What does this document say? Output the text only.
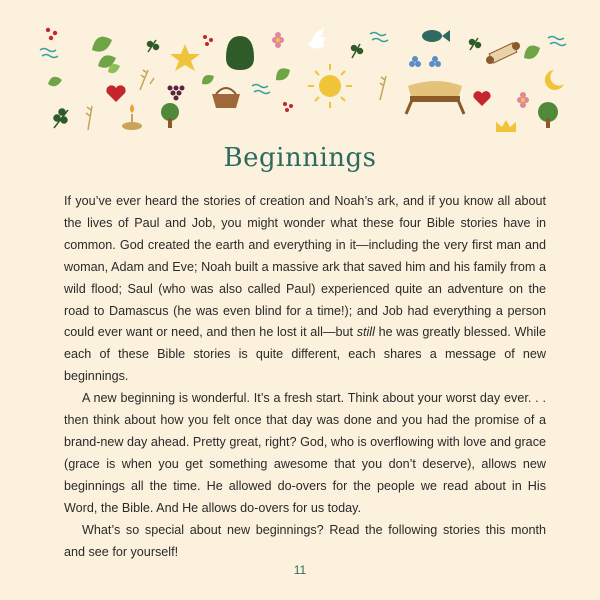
Beginnings

If you’ve ever heard the stories of creation and Noah’s ark, and if you know all about the lives of Paul and Job, you might wonder what these four Bible stories have in common. God created the earth and everything in it—including the very first man and woman, Adam and Eve; Noah built a massive ark that saved him and his family from a wild flood; Saul (who was also called Paul) experienced quite an adventure on the road to Damascus (he was even blind for a time!); and Job had everything a person could ever want or need, and then he lost it all—but still he was greatly blessed. While each of these Bible stories is quite different, each shares a message of new beginnings.

A new beginning is wonderful. It’s a fresh start. Think about your worst day ever. . . then think about how you felt once that day was done and you had the promise of a brand-new day ahead. Pretty great, right? God, who is overflowing with love and grace (grace is when you get something awesome that you don’t deserve), allows new beginnings all the time. He allowed do-overs for the people we read about in His Word, the Bible. And He allows do-overs for us today.

What’s so special about new beginnings? Read the following stories this month and see for yourself!

11
